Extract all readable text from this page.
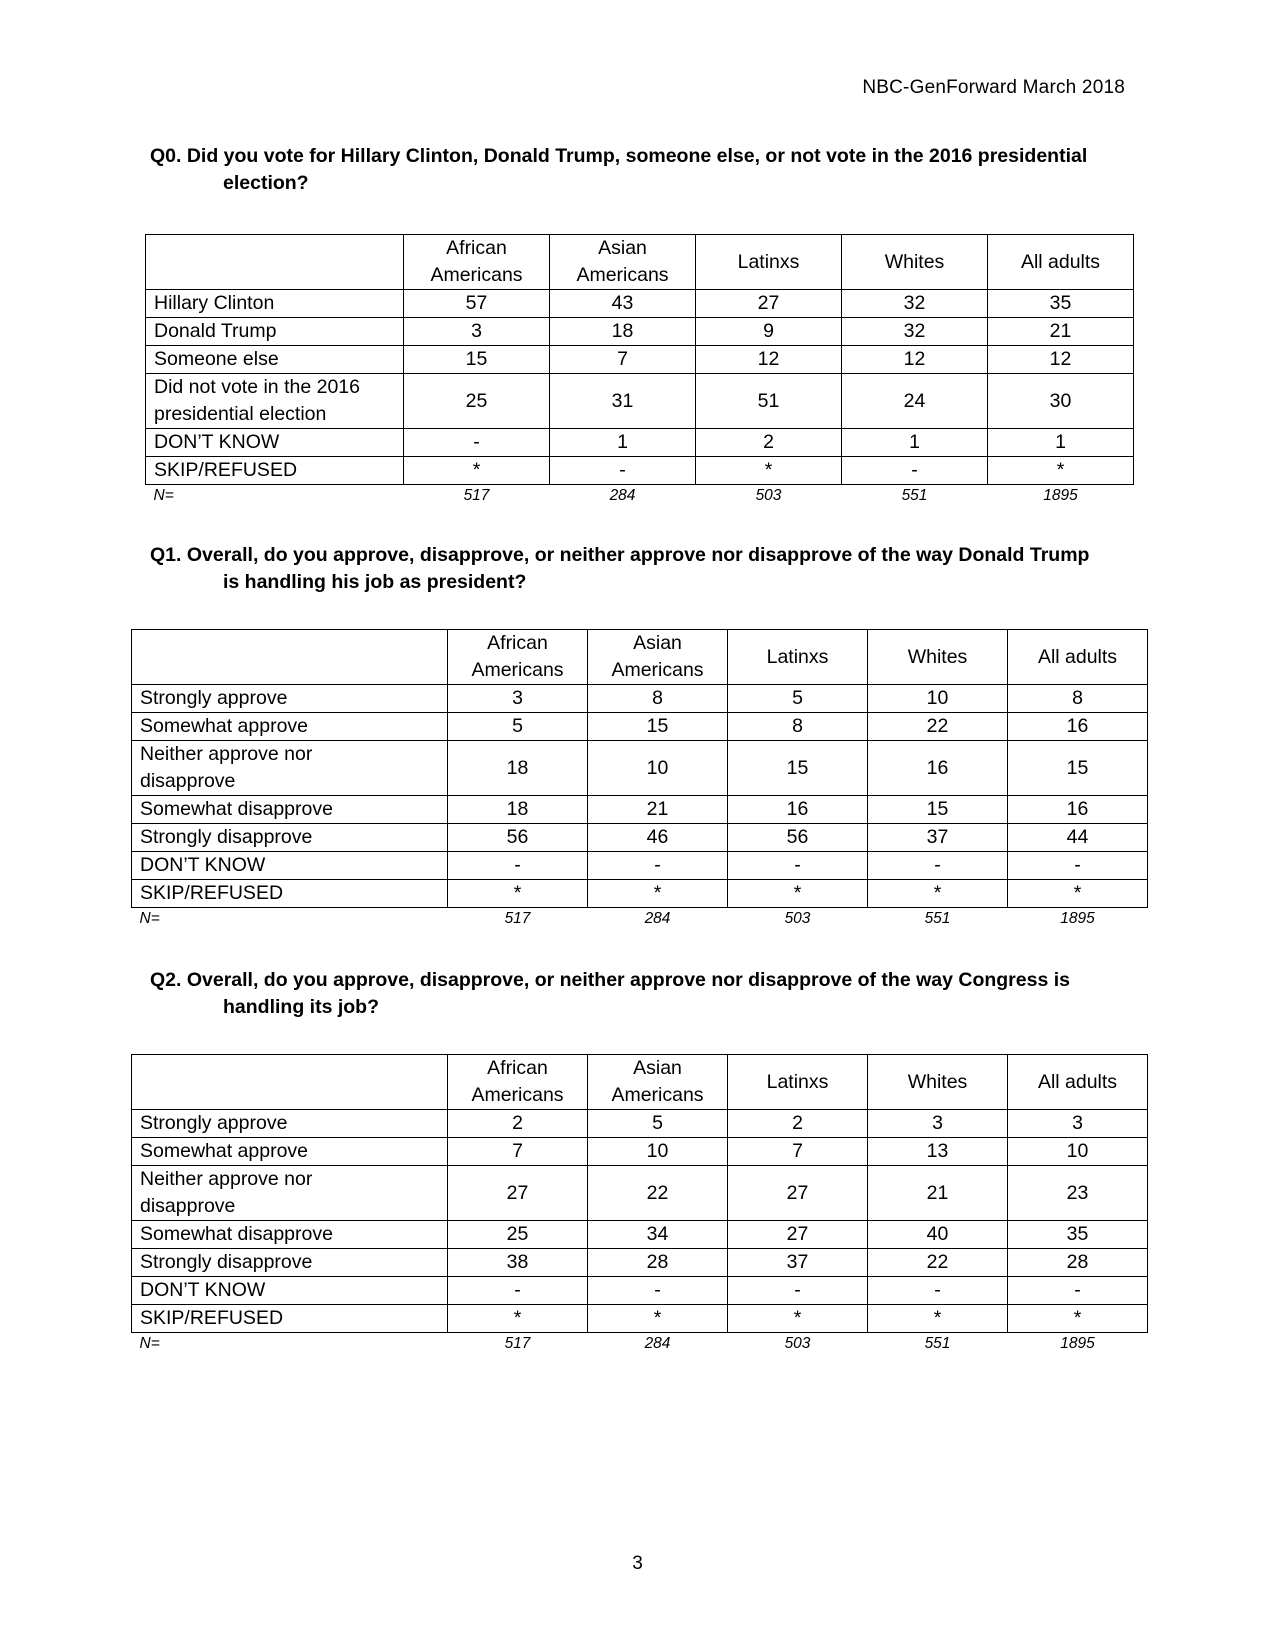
NBC-GenForward March 2018
Q0. Did you vote for Hillary Clinton, Donald Trump, someone else, or not vote in the 2016 presidential
election?
	African Americans	Asian Americans	Latinxs	Whites	All adults
Hillary Clinton	57	43	27	32	35
Donald Trump	3	18	9	32	21
Someone else	15	7	12	12	12
Did not vote in the 2016 presidential election	25	31	51	24	30
DON’T KNOW	-	1	2	1	1
SKIP/REFUSED	*	-	*	-	*
N=	517	284	503	551	1895
Q1. Overall, do you approve, disapprove, or neither approve nor disapprove of the way Donald Trump
is handling his job as president?
	African Americans	Asian Americans	Latinxs	Whites	All adults
Strongly approve	3	8	5	10	8
Somewhat approve	5	15	8	22	16
Neither approve nor disapprove	18	10	15	16	15
Somewhat disapprove	18	21	16	15	16
Strongly disapprove	56	46	56	37	44
DON’T KNOW	-	-	-	-	-
SKIP/REFUSED	*	*	*	*	*
N=	517	284	503	551	1895
Q2. Overall, do you approve, disapprove, or neither approve nor disapprove of the way Congress is
handling its job?
	African Americans	Asian Americans	Latinxs	Whites	All adults
Strongly approve	2	5	2	3	3
Somewhat approve	7	10	7	13	10
Neither approve nor disapprove	27	22	27	21	23
Somewhat disapprove	25	34	27	40	35
Strongly disapprove	38	28	37	22	28
DON’T KNOW	-	-	-	-	-
SKIP/REFUSED	*	*	*	*	*
N=	517	284	503	551	1895
3
